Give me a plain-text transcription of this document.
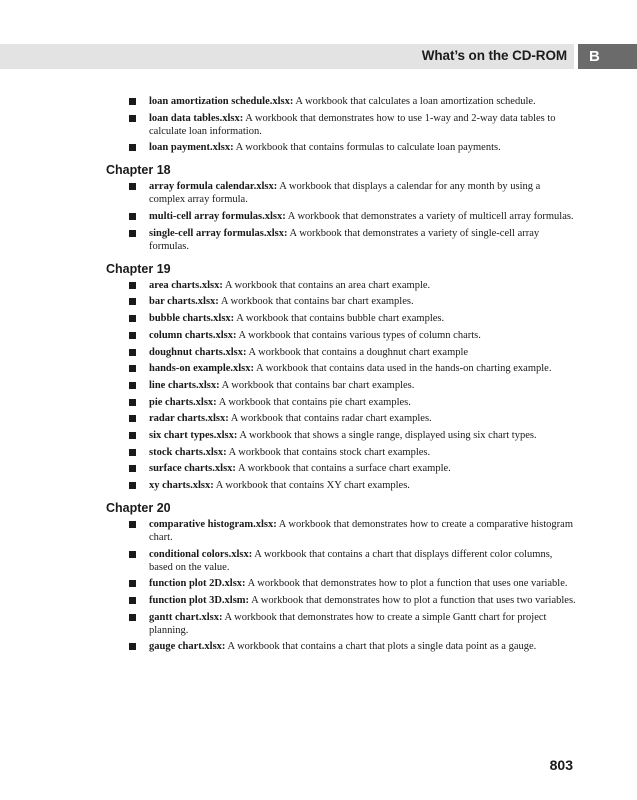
What’s on the CD-ROM	B
loan amortization schedule.xlsx: A workbook that calculates a loan amortization schedule.
loan data tables.xlsx: A workbook that demonstrates how to use 1-way and 2-way data tables to calculate loan information.
loan payment.xlsx: A workbook that contains formulas to calculate loan payments.
Chapter 18
array formula calendar.xlsx: A workbook that displays a calendar for any month by using a complex array formula.
multi-cell array formulas.xlsx: A workbook that demonstrates a variety of multicell array formulas.
single-cell array formulas.xlsx: A workbook that demonstrates a variety of single-cell array formulas.
Chapter 19
area charts.xlsx: A workbook that contains an area chart example.
bar charts.xlsx: A workbook that contains bar chart examples.
bubble charts.xlsx: A workbook that contains bubble chart examples.
column charts.xlsx: A workbook that contains various types of column charts.
doughnut charts.xlsx: A workbook that contains a doughnut chart example
hands-on example.xlsx: A workbook that contains data used in the hands-on charting example.
line charts.xlsx: A workbook that contains bar chart examples.
pie charts.xlsx: A workbook that contains pie chart examples.
radar charts.xlsx: A workbook that contains radar chart examples.
six chart types.xlsx: A workbook that shows a single range, displayed using six chart types.
stock charts.xlsx: A workbook that contains stock chart examples.
surface charts.xlsx: A workbook that contains a surface chart example.
xy charts.xlsx: A workbook that contains XY chart examples.
Chapter 20
comparative histogram.xlsx: A workbook that demonstrates how to create a comparative histogram chart.
conditional colors.xlsx: A workbook that contains a chart that displays different color columns, based on the value.
function plot 2D.xlsx: A workbook that demonstrates how to plot a function that uses one variable.
function plot 3D.xlsm: A workbook that demonstrates how to plot a function that uses two variables.
gantt chart.xlsx: A workbook that demonstrates how to create a simple Gantt chart for project planning.
gauge chart.xlsx: A workbook that contains a chart that plots a single data point as a gauge.
803
